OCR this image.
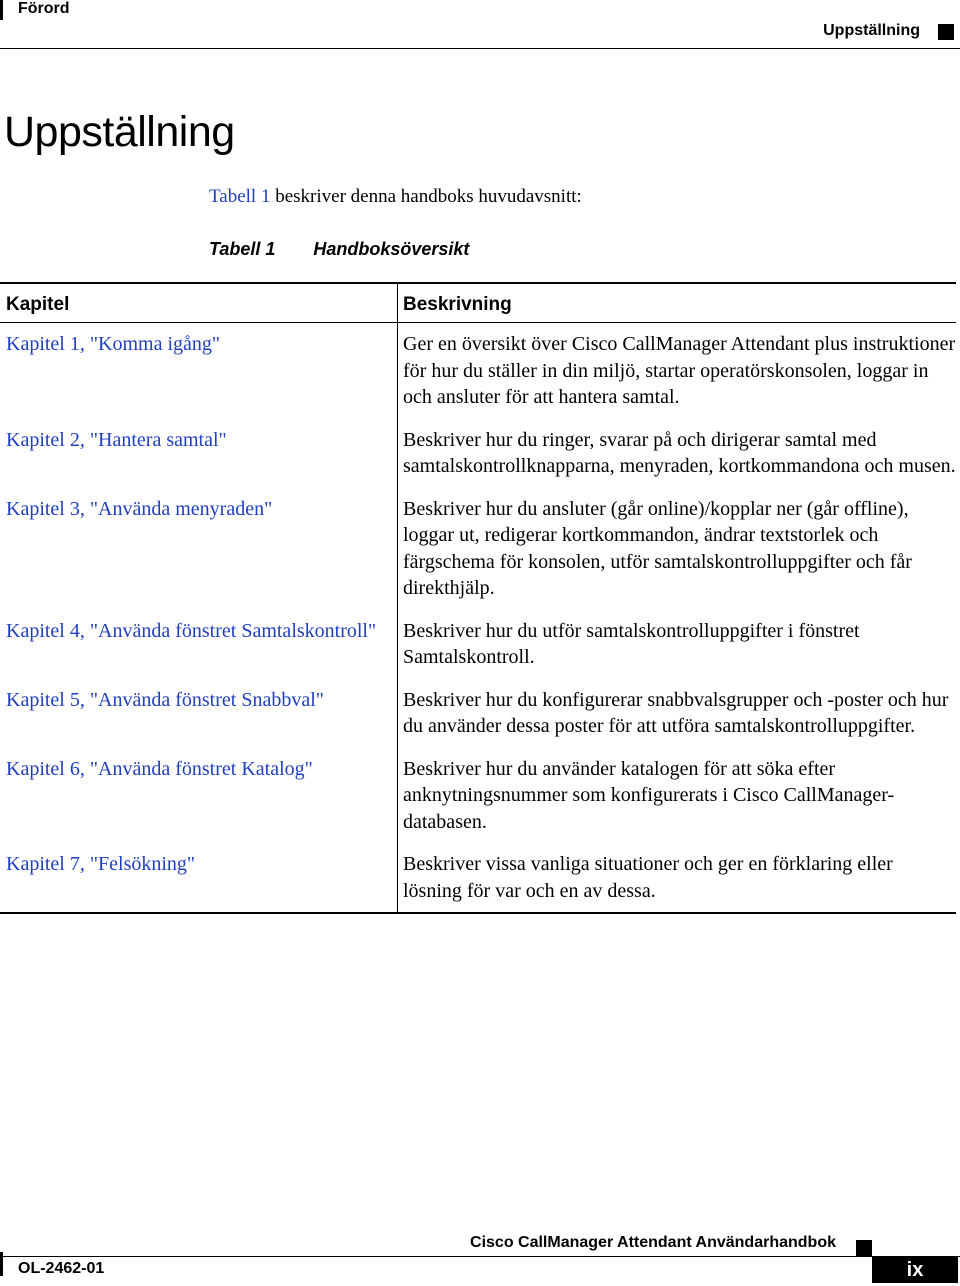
Förord
Uppställning
Uppställning

Tabell 1 beskriver denna handboks huvudavsnitt:

Tabell 1 Handboksöversikt
Kapitel	Beskrivning
Kapitel 1, "Komma igång"	Ger en översikt över Cisco CallManager Attendant plus instruktioner för hur du ställer in din miljö, startar operatörskonsolen, loggar in och ansluter för att hantera samtal.
Kapitel 2, "Hantera samtal"	Beskriver hur du ringer, svarar på och dirigerar samtal med samtalskontrollknapparna, menyraden, kortkommandona och musen.
Kapitel 3, "Använda menyraden"	Beskriver hur du ansluter (går online)/kopplar ner (går offline), loggar ut, redigerar kortkommandon, ändrar textstorlek och färgschema för konsolen, utför samtalskontrolluppgifter och får direkthjälp.
Kapitel 4, "Använda fönstret Samtalskontroll"	Beskriver hur du utför samtalskontrolluppgifter i fönstret Samtalskontroll.
Kapitel 5, "Använda fönstret Snabbval"	Beskriver hur du konfigurerar snabbvalsgrupper och -poster och hur du använder dessa poster för att utföra samtalskontrolluppgifter.
Kapitel 6, "Använda fönstret Katalog"	Beskriver hur du använder katalogen för att söka efter anknytningsnummer som konfigurerats i Cisco CallManager-databasen.
Kapitel 7, "Felsökning"	Beskriver vissa vanliga situationer och ger en förklaring eller lösning för var och en av dessa.
Cisco CallManager Attendant Användarhandbok
OL-2462-01	ix
